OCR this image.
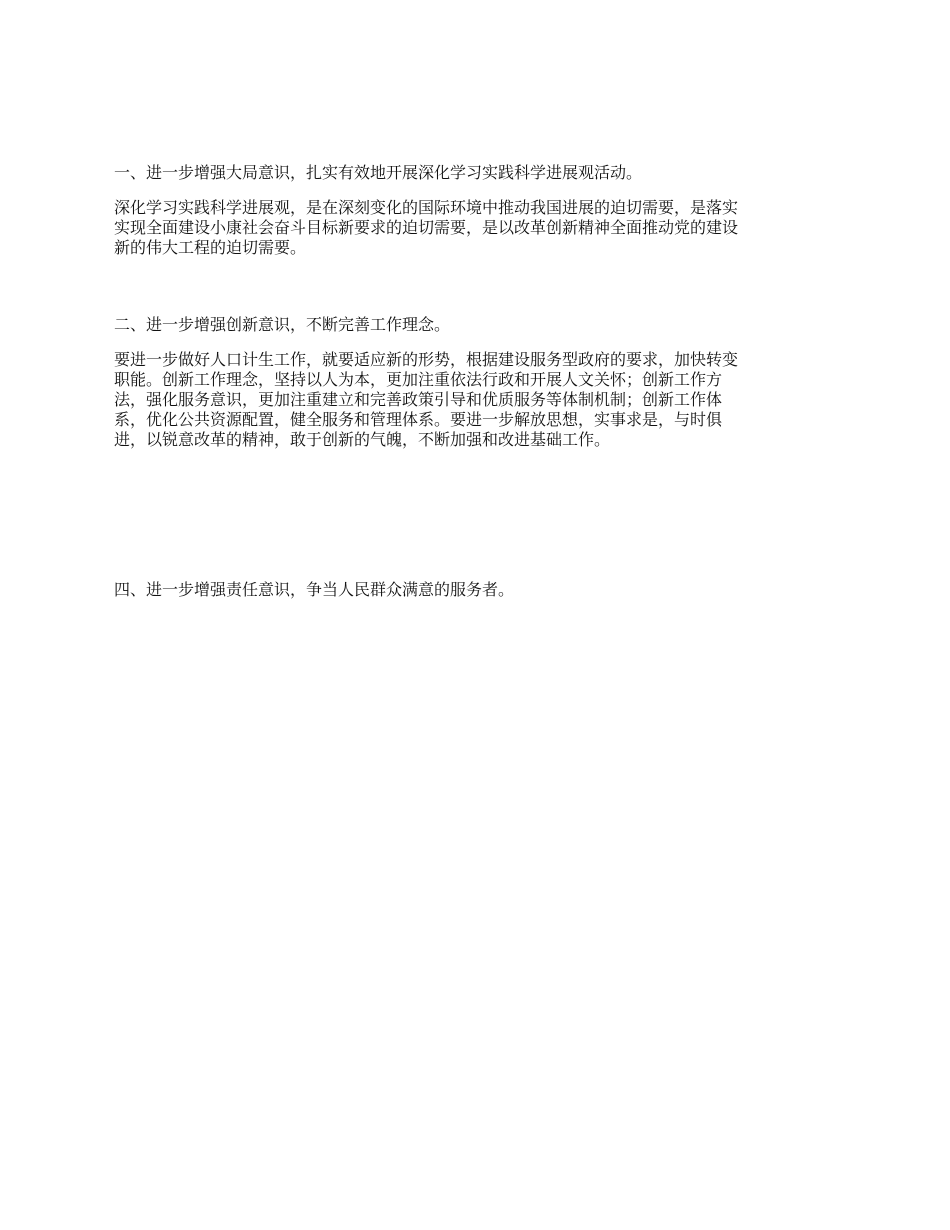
一、进一步增强大局意识，扎实有效地开展深化学习实践科学进展观活动。
深化学习实践科学进展观，是在深刻变化的国际环境中推动我国进展的迫切需要，是落实
实现全面建设小康社会奋斗目标新要求的迫切需要，是以改革创新精神全面推动党的建设
新的伟大工程的迫切需要。
二、进一步增强创新意识，不断完善工作理念。
要进一步做好人口计生工作，就要适应新的形势，根据建设服务型政府的要求，加快转变
职能。创新工作理念，坚持以人为本，更加注重依法行政和开展人文关怀；创新工作方
法，强化服务意识，更加注重建立和完善政策引导和优质服务等体制机制；创新工作体
系，优化公共资源配置，健全服务和管理体系。要进一步解放思想，实事求是，与时俱
进，以锐意改革的精神，敢于创新的气魄，不断加强和改进基础工作。
四、进一步增强责任意识，争当人民群众满意的服务者。
